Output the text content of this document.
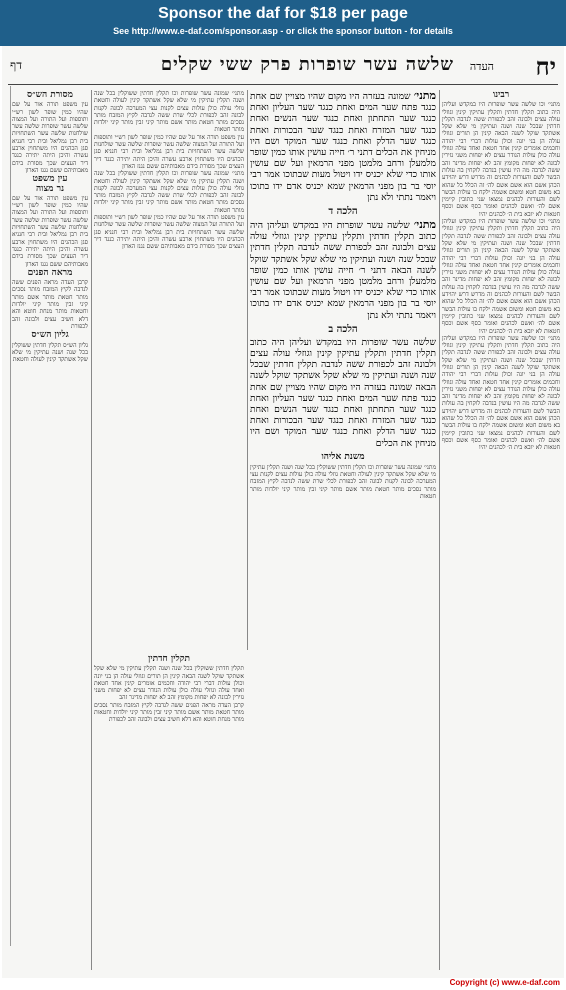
Sponsor the daf for $18 per page
See http://www.e-daf.com/sponsor.asp - or click the sponsor button - for details
יח
העדה
שלשה עשר שופרות פרק ששי שקלים
דף
רבינו
מתני׳ וכו שלשה עשר שופרות היו במקדש ועליהן היה כתוב תקלין חדתין ותקלין עתיקין קינין וגוזלי עולה עצים ולבונה זהב לכפורת ששה לנדבה תקלין חדתין שבכל שנה ושנה ועתיקין מי שלא שקל אשתקד שוקל לשנה הבאה קינין הן תורים וגוזלי עולה הן בני יונה וכולן עולות דברי רבי יהודה וחכמים אומרים קינין אחד חטאת ואחד עולה וגוזלי עולה כולן עולות הנודר עצים לא יפחות משני גזירין לבונה לא יפחות מקומץ זהב לא יפחות מדינר זהב ששה לנדבה מה היו עושין בנדבה לוקחין בה עולות הבשר לשם והעורות לכהנים זה מדרש דרש יהוידע הכהן אשם הוא אשם אשם לה׳ זה הכלל כל שהוא בא משום חטא ומשום אשמה ילקח בו עולות הבשר לשם והעורות לכהנים נמצאו שני כתובין קיימין אשם לה׳ ואשם לכהנים ואומר כסף אשם וכסף חטאות לא יובא בית ה׳ לכהנים יהיו
מתני׳ וכו שלשה עשר שופרות היו במקדש ועליהן היה כתוב תקלין חדתין ותקלין עתיקין קינין וגוזלי עולה עצים ולבונה זהב לכפורת ששה לנדבה תקלין חדתין שבכל שנה ושנה ועתיקין מי שלא שקל אשתקד שוקל לשנה הבאה קינין הן תורים וגוזלי עולה הן בני יונה וכולן עולות דברי רבי יהודה וחכמים אומרים קינין אחד חטאת ואחד עולה וגוזלי עולה כולן עולות הנודר עצים לא יפחות משני גזירין לבונה לא יפחות מקומץ זהב לא יפחות מדינר זהב ששה לנדבה מה היו עושין בנדבה לוקחין בה עולות הבשר לשם והעורות לכהנים זה מדרש דרש יהוידע הכהן אשם הוא אשם אשם לה׳ זה הכלל כל שהוא בא משום חטא ומשום אשמה ילקח בו עולות הבשר לשם והעורות לכהנים נמצאו שני כתובין קיימין אשם לה׳ ואשם לכהנים ואומר כסף אשם וכסף חטאות לא יובא בית ה׳ לכהנים יהיו
מתני׳ וכו שלשה עשר שופרות היו במקדש ועליהן היה כתוב תקלין חדתין ותקלין עתיקין קינין וגוזלי עולה עצים ולבונה זהב לכפורת ששה לנדבה תקלין חדתין שבכל שנה ושנה ועתיקין מי שלא שקל אשתקד שוקל לשנה הבאה קינין הן תורים וגוזלי עולה הן בני יונה וכולן עולות דברי רבי יהודה וחכמים אומרים קינין אחד חטאת ואחד עולה וגוזלי עולה כולן עולות הנודר עצים לא יפחות משני גזירין לבונה לא יפחות מקומץ זהב לא יפחות מדינר זהב ששה לנדבה מה היו עושין בנדבה לוקחין בה עולות הבשר לשם והעורות לכהנים זה מדרש דרש יהוידע הכהן אשם הוא אשם אשם לה׳ זה הכלל כל שהוא בא משום חטא ומשום אשמה ילקח בו עולות הבשר לשם והעורות לכהנים נמצאו שני כתובין קיימין אשם לה׳ ואשם לכהנים ואומר כסף אשם וכסף חטאות לא יובא בית ה׳ לכהנים יהיו
מתני׳ שמונה בעזרה היו מקום שהיו מצויין שם אחת כנגד פתח שער המים ואחת כנגד שער העליון ואחת כנגד שער התחתון ואחת כנגד שער הנשים ואחת כנגד שער המזרח ואחת כנגד שער הבכורות ואחת כנגד שער הדלק ואחת כנגד שער המוקד ושם היו מניחין את הכלים דתני ר׳ חייה עושין אותו כמין שופר מלמעלן ורחב מלמטן מפני הרמאין ועל שם עושין אותו כדי שלא יכניס ידו ויטול מעות שבתוכו אמר רבי יוסי בר בון מפני הרמאין שמא יכניס אדם ידו בתוכו ויאמר נתתי ולא נתן
הלכה ד
מתני׳ שלשה עשר שופרות היו במקדש ועליהן היה כתוב תקלין חדתין ותקלין עתיקין קינין וגוזלי עולה עצים ולבונה זהב לכפורת ששה לנדבה תקלין חדתין שבכל שנה ושנה ועתיקין מי שלא שקל אשתקד שוקל לשנה הבאה דתני ר׳ חייה עושין אותו כמין שופר מלמעלן ורחב מלמטן מפני הרמאין ועל שם עושין אותו כדי שלא יכניס ידו ויטול מעות שבתוכו אמר רבי יוסי בר בון מפני הרמאין שמא יכניס אדם ידו בתוכו ויאמר נתתי ולא נתן
הלכה ב
שלשה עשר שופרות היו במקדש ועליהן היה כתוב תקלין חדתין ותקלין עתיקין קינין וגוזלי עולה עצים ולבונה זהב לכפורת ששה לנדבה תקלין חדתין שבכל שנה ושנה ועתיקין מי שלא שקל אשתקד שוקל לשנה הבאה שמונה בעזרה היו מקום שהיו מצויין שם אחת כנגד פתח שער המים ואחת כנגד שער העליון ואחת כנגד שער התחתון ואחת כנגד שער הנשים ואחת כנגד שער המזרח ואחת כנגד שער הבכורות ואחת כנגד שער הדלק ואחת כנגד שער המוקד ושם היו מניחין את הכלים
משנת אליהו
מתני׳ שמונה עשר שופרות וכו תקלין חדתין ששוקלין בכל שנה ושנה תקלין עתיקין מי שלא שקל אשתקד קינין לעולה וחטאת גוזלי עולה כולן עולות עצים לקנות עצי המערכה לבונה לקנות לבונה זהב לכפורת לכלי שרת ששה לנדבה לקיץ המזבח מותר נסכים מותר חטאת מותר אשם מותר קיני זבין מותר קיני יולדות מותר חטאות
מתני׳ שמונה עשר שופרות וכו תקלין חדתין ששוקלין בכל שנה ושנה תקלין עתיקין מי שלא שקל אשתקד קינין לעולה וחטאת גוזלי עולה כולן עולות עצים לקנות עצי המערכה לבונה לקנות לבונה זהב לכפורת לכלי שרת ששה לנדבה לקיץ המזבח מותר נסכים מותר חטאת מותר אשם מותר קיני זבין מותר קיני יולדות מותר חטאות
עין משפט תורה אור על שם שהיו כמין שופר לשון רש״י ותוספות ועל התורה ועל המצוה שלשה עשר שופרות שלשה עשר שולחנות שלשה עשר השתחויות בית רבן גמליאל ובית רבי חנניא סגן הכהנים היו משתחוין ארבע עשרה והיכן היתה יתירה כנגד דיר העצים שכך מסורת בידם מאבותיהם ששם נגנז הארון
מתני׳ שמונה עשר שופרות וכו תקלין חדתין ששוקלין בכל שנה ושנה תקלין עתיקין מי שלא שקל אשתקד קינין לעולה וחטאת גוזלי עולה כולן עולות עצים לקנות עצי המערכה לבונה לקנות לבונה זהב לכפורת לכלי שרת ששה לנדבה לקיץ המזבח מותר נסכים מותר חטאת מותר אשם מותר קיני זבין מותר קיני יולדות מותר חטאות
עין משפט תורה אור על שם שהיו כמין שופר לשון רש״י ותוספות ועל התורה ועל המצוה שלשה עשר שופרות שלשה עשר שולחנות שלשה עשר השתחויות בית רבן גמליאל ובית רבי חנניא סגן הכהנים היו משתחוין ארבע עשרה והיכן היתה יתירה כנגד דיר העצים שכך מסורת בידם מאבותיהם ששם נגנז הארון
מסורת הש״ס
עין משפט תורה אור על שם שהיו כמין שופר לשון רש״י ותוספות ועל התורה ועל המצוה שלשה עשר שופרות שלשה עשר שולחנות שלשה עשר השתחויות בית רבן גמליאל ובית רבי חנניא סגן הכהנים היו משתחוין ארבע עשרה והיכן היתה יתירה כנגד דיר העצים שכך מסורת בידם מאבותיהם ששם נגנז הארון
עין משפט
נר מצוה
עין משפט תורה אור על שם שהיו כמין שופר לשון רש״י ותוספות ועל התורה ועל המצוה שלשה עשר שופרות שלשה עשר שולחנות שלשה עשר השתחויות בית רבן גמליאל ובית רבי חנניא סגן הכהנים היו משתחוין ארבע עשרה והיכן היתה יתירה כנגד דיר העצים שכך מסורת בידם מאבותיהם ששם נגנז הארון
מראה הפנים
קרבן העדה מראה הפנים ששה לנדבה לקיץ המזבח מותר נסכים מותר חטאת מותר אשם מותר קיני זבין מותר קיני יולדות וחטאות מותר מנחת חוטא והא דלא חשיב עצים ולבונה זהב לכפורת
גליון הש״ס
גליון הש״ס תקלין חדתין ששוקלין בכל שנה ושנה עתיקין מי שלא שקל אשתקד קינין לעולה וחטאת
תקלין חדתין
תקלין חדתין ששוקלין בכל שנה ושנה תקלין עתיקין מי שלא שקל אשתקד שוקל לשנה הבאה קינין הן תורים וגוזלי עולה הן בני יונה וכולן עולות דברי רבי יהודה וחכמים אומרים קינין אחד חטאת ואחד עולה וגוזלי עולה כולן עולות הנודר עצים לא יפחות משני גזירין לבונה לא יפחות מקומץ זהב לא יפחות מדינר זהב
קרבן העדה מראה הפנים ששה לנדבה לקיץ המזבח מותר נסכים מותר חטאת מותר אשם מותר קיני זבין מותר קיני יולדות וחטאות מותר מנחת חוטא והא דלא חשיב עצים ולבונה זהב לכפורת
Copyright (c) www.e-daf.com
